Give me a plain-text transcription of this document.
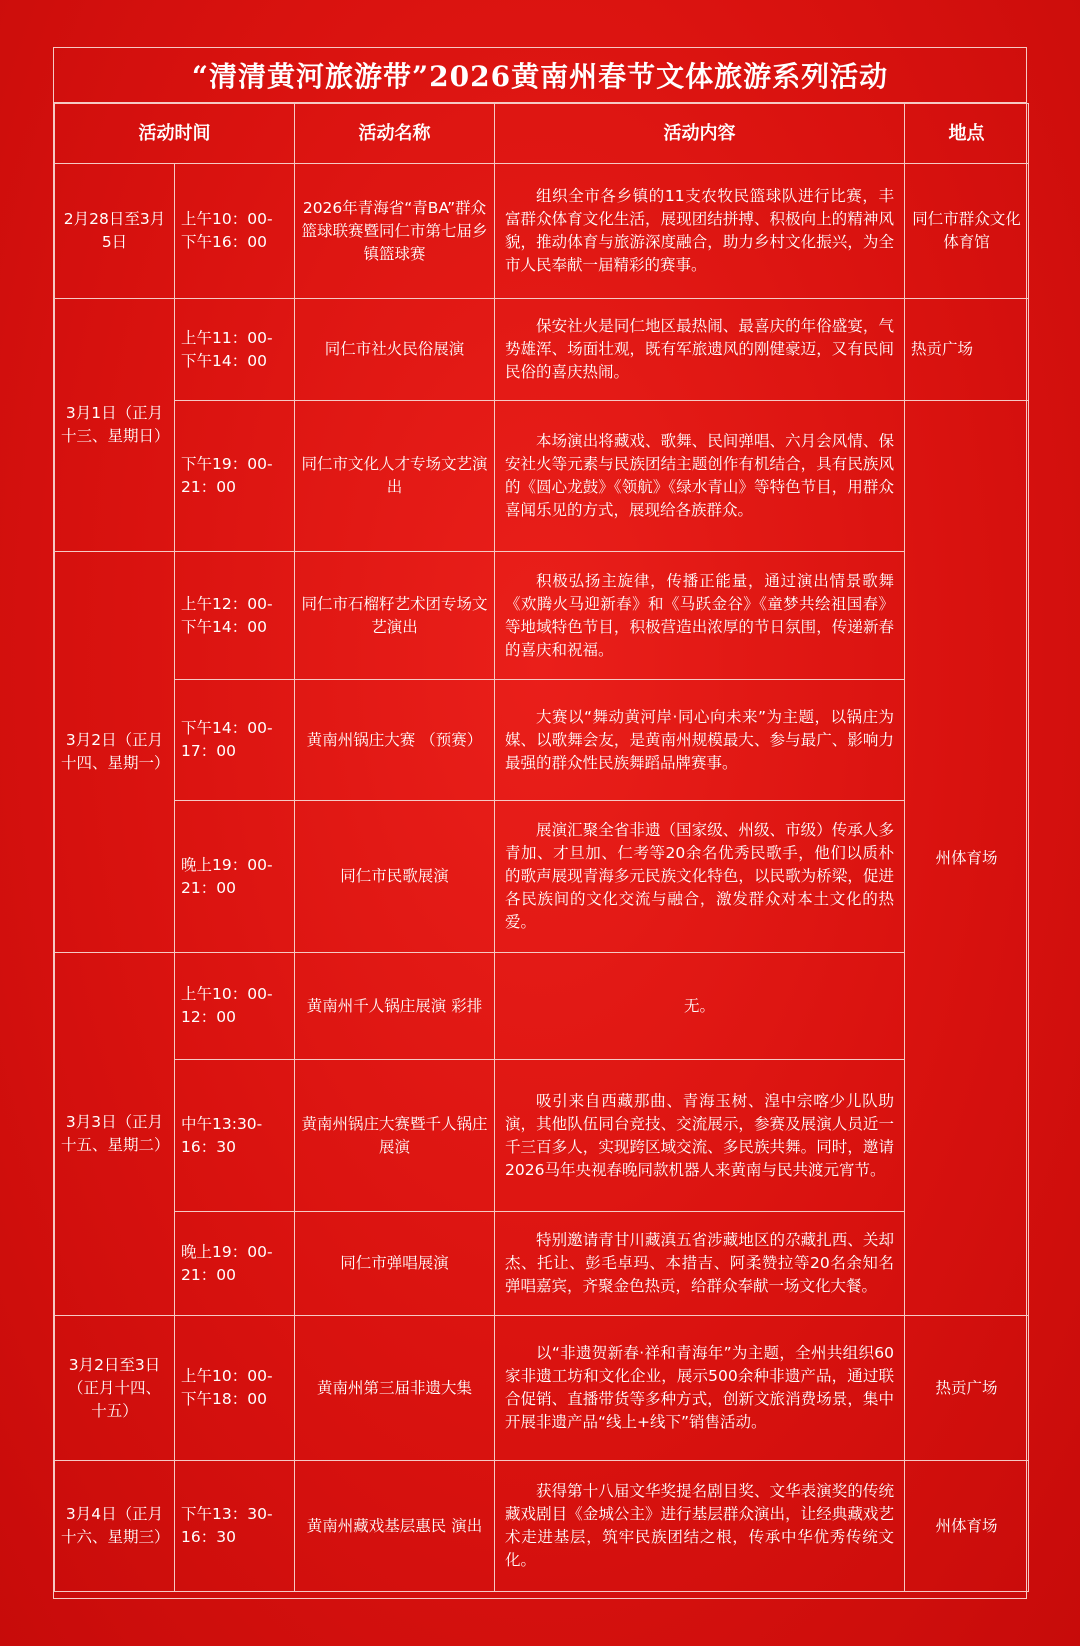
“清清黄河旅游带”2026黄南州春节文体旅游系列活动
活动时间		活动名称	活动内容	地点
2月28日至3月5日	上午10：00-下午16：00	2026年青海省“青BA”群众篮球联赛暨同仁市第七届乡镇篮球赛	组织全市各乡镇的11支农牧民篮球队进行比赛，丰富群众体育文化生活，展现团结拼搏、积极向上的精神风貌，推动体育与旅游深度融合，助力乡村文化振兴，为全市人民奉献一届精彩的赛事。	同仁市群众文化体育馆
3月1日（正月十三、星期日）	上午11：00-下午14：00	同仁市社火民俗展演	保安社火是同仁地区最热闹、最喜庆的年俗盛宴，气势雄浑、场面壮观，既有军旅遗风的刚健豪迈，又有民间民俗的喜庆热闹。	热贡广场
	下午19：00-21：00	同仁市文化人才专场文艺演出	本场演出将藏戏、歌舞、民间弹唱、六月会风情、保安社火等元素与民族团结主题创作有机结合，具有民族风的《圆心龙鼓》《领航》《绿水青山》等特色节目，用群众喜闻乐见的方式，展现给各族群众。	州体育场
3月2日（正月十四、星期一）	上午12：00-下午14：00	同仁市石榴籽艺术团专场文艺演出	积极弘扬主旋律，传播正能量，通过演出情景歌舞《欢腾火马迎新春》和《马跃金谷》《童梦共绘祖国春》等地域特色节目，积极营造出浓厚的节日氛围，传递新春的喜庆和祝福。	

	下午14：00-17：00	黄南州锅庄大赛 （预赛）	大赛以“舞动黄河岸·同心向未来”为主题，以锅庄为媒、以歌舞会友，是黄南州规模最大、参与最广、影响力最强的群众性民族舞蹈品牌赛事。	

	晚上19：00-21：00	同仁市民歌展演	展演汇聚全省非遗（国家级、州级、市级）传承人多青加、才旦加、仁考等20余名优秀民歌手，他们以质朴的歌声展现青海多元民族文化特色，以民歌为桥梁，促进各民族间的文化交流与融合，激发群众对本土文化的热爱。	

3月3日（正月十五、星期二）	上午10：00-12：00	黄南州千人锅庄展演 彩排	无。	
	中午13:30-16：30	黄南州锅庄大赛暨千人锅庄展演	吸引来自西藏那曲、青海玉树、湟中宗喀少儿队助演，其他队伍同台竞技、交流展示，参赛及展演人员近一千三百多人，实现跨区域交流、多民族共舞。同时，邀请2026马年央视春晚同款机器人来黄南与民共渡元宵节。	

	晚上19：00-21：00	同仁市弹唱展演	特别邀请青甘川藏滇五省涉藏地区的尕藏扎西、关却杰、托让、彭毛卓玛、本措吉、阿柔赞拉等20名余知名弹唱嘉宾，齐聚金色热贡，给群众奉献一场文化大餐。	

3月2日至3日（正月十四、十五）	上午10：00-下午18：00	黄南州第三届非遗大集	以“非遗贺新春·祥和青海年”为主题，全州共组织60家非遗工坊和文化企业，展示500余种非遗产品，通过联合促销、直播带货等多种方式，创新文旅消费场景，集中开展非遗产品“线上+线下”销售活动。	热贡广场
3月4日（正月十六、星期三）	下午13：30-16：30	黄南州藏戏基层惠民 演出	获得第十八届文华奖提名剧目奖、文华表演奖的传统藏戏剧目《金城公主》进行基层群众演出，让经典藏戏艺术走进基层，筑牢民族团结之根，传承中华优秀传统文化。	州体育场
